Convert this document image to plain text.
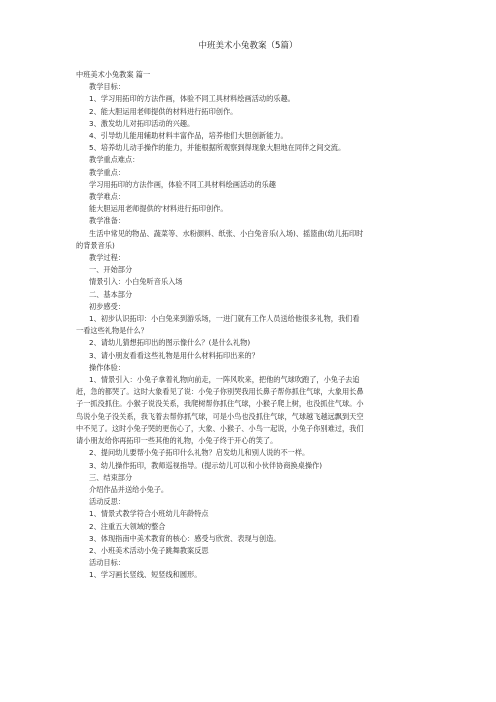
中班美术小兔教案（5篇）
中班美术小兔教案 篇一
教学目标：
1、学习用拓印的方法作画，体验不同工具材料绘画活动的乐趣。
2、能大胆运用老师提供的材料进行拓印创作。
3、激发幼儿对拓印活动的兴趣。
4、引导幼儿能用辅助材料丰富作品，培养他们大胆创新能力。
5、培养幼儿动手操作的能力，并能根据所观察到得现象大胆地在同伴之间交流。
教学重点难点：
教学重点：
学习用拓印的方法作画，体验不同工具材料绘画活动的乐趣
教学难点：
能大胆运用老师提供的'材料进行拓印创作。
教学准备：
生活中常见的物品、蔬菜等、水粉颜料、纸张、小白兔音乐(入场)、摇篮曲(幼儿拓印时
的背景音乐)
教学过程：
一、开始部分
情景引入：小白兔听音乐入场
二、基本部分
初步感受：
1、初步认识拓印：小白兔来到游乐场，一进门就有工作人员送给他很多礼物，我们看
一看这些礼物是什么？
2、请幼儿猜想拓印出的图示像什么？(是什么礼物)
3、请小朋友看看这些礼物是用什么材料拓印出来的？
操作体验：
1、情景引入：小兔子拿着礼物向前走，一阵风吹来，把他的气球吹跑了，小兔子去追
赶，急的都哭了。这时大象看见了说：小兔子你别哭我用长鼻子帮你抓住气球，大象用长鼻
子一抓没抓住。小猴子说没关系，我爬树帮你抓住气球，小猴子爬上树，也没抓住气球。小
鸟说小兔子没关系，我飞着去帮你抓气球，可是小鸟也没抓住气球，气球越飞越远飘到天空
中不见了。这时小兔子哭的更伤心了，大象、小猴子、小鸟一起说，小兔子你别难过，我们
请小朋友给你再拓印一些其他的礼物，小兔子终于开心的笑了。
2、提问幼儿要帮小兔子拓印什么礼物？启发幼儿和别人说的不一样。
3、幼儿操作拓印，教师巡视指导。(提示幼儿可以和小伙伴协商换桌操作)
三、结束部分
介绍作品并送给小兔子。
活动反思：
1、情景式教学符合小班幼儿年龄特点
2、注重五大领域的整合
3、体现指南中美术教育的核心：感受与欣赏、表现与创造。
2、小班美术活动小兔子跳舞教案反思
活动目标：
1、学习画长竖线、短竖线和圆形。
